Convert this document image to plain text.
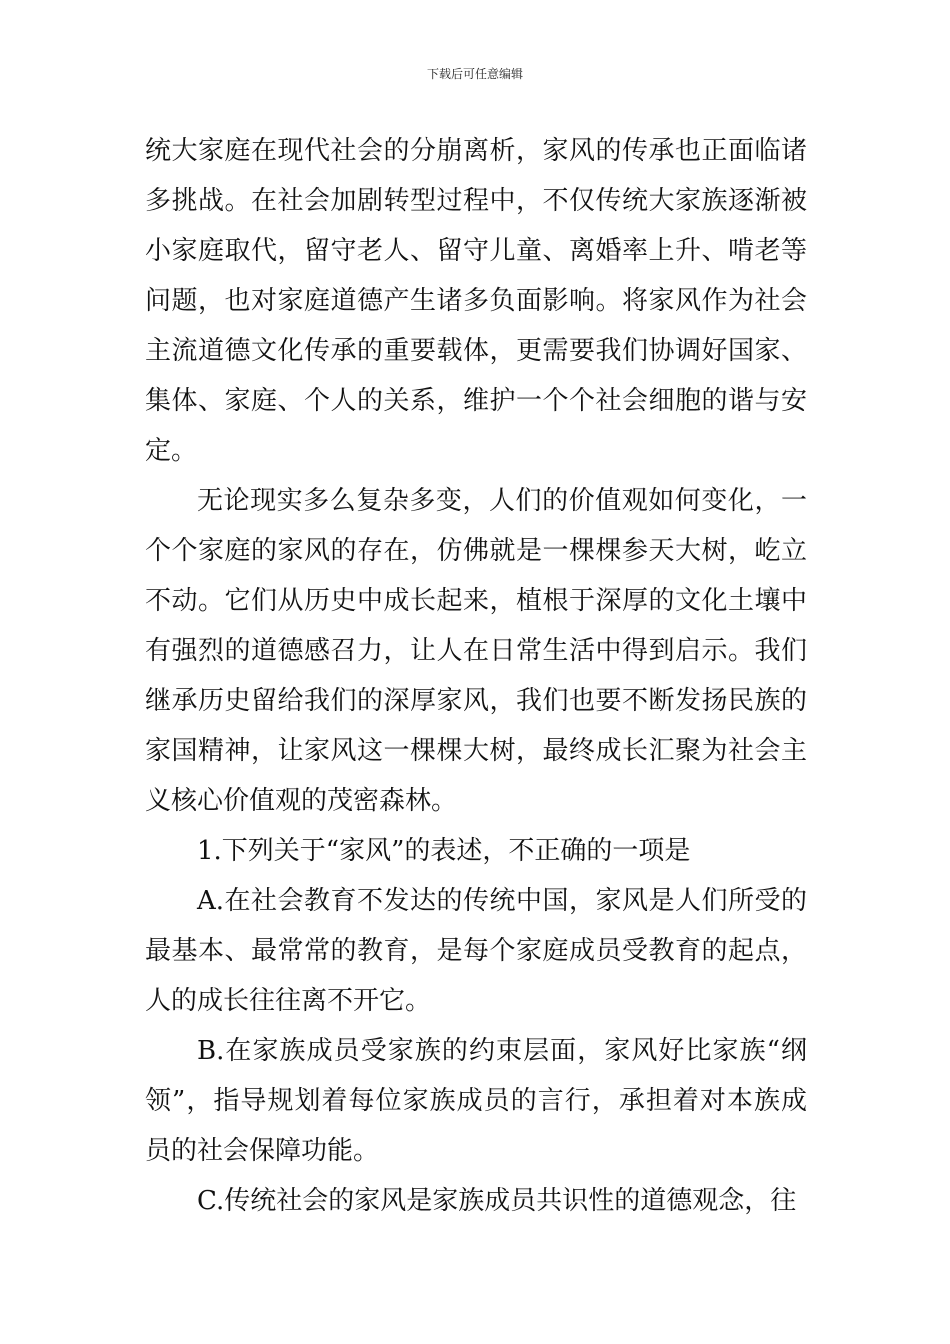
下载后可任意编辑

统大家庭在现代社会的分崩离析，家风的传承也正面临诸多挑战。在社会加剧转型过程中，不仅传统大家族逐渐被小家庭取代，留守老人、留守儿童、离婚率上升、啃老等问题，也对家庭道德产生诸多负面影响。将家风作为社会主流道德文化传承的重要载体，更需要我们协调好国家、集体、家庭、个人的关系，维护一个个社会细胞的谐与安定。

无论现实多么复杂多变，人们的价值观如何变化，一个个家庭的家风的存在，仿佛就是一棵棵参天大树，屹立不动。它们从历史中成长起来，植根于深厚的文化土壤中有强烈的道德感召力，让人在日常生活中得到启示。我们继承历史留给我们的深厚家风，我们也要不断发扬民族的家国精神，让家风这一棵棵大树，最终成长汇聚为社会主义核心价值观的茂密森林。

1.下列关于“家风”的表述，不正确的一项是

A.在社会教育不发达的传统中国，家风是人们所受的最基本、最常常的教育，是每个家庭成员受教育的起点，人的成长往往离不开它。

B.在家族成员受家族的约束层面，家风好比家族“纲领”，指导规划着每位家族成员的言行，承担着对本族成员的社会保障功能。

C.传统社会的家风是家族成员共识性的道德观念，往
